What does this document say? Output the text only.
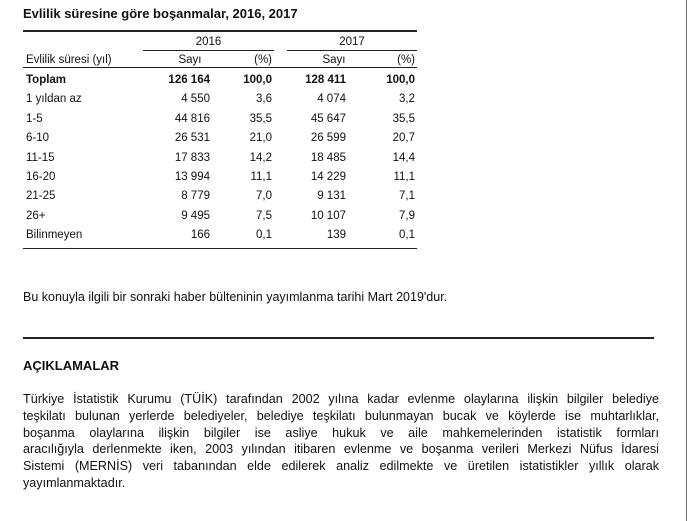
Evlilik süresine göre boşanmalar, 2016, 2017
2016	2017
Evlilik süresi (yıl)	Sayı	(%)	Sayı	(%)
Toplam	126 164	100,0	128 411	100,0
1 yıldan az	4 550	3,6	4 074	3,2
1-5	44 816	35,5	45 647	35,5
6-10	26 531	21,0	26 599	20,7
11-15	17 833	14,2	18 485	14,4
16-20	13 994	11,1	14 229	11,1
21-25	8 779	7,0	9 131	7,1
26+	9 495	7,5	10 107	7,9
Bilinmeyen	166	0,1	139	0,1
Bu konuyla ilgili bir sonraki haber bülteninin yayımlanma tarihi Mart 2019'dur.
AÇIKLAMALAR
Türkiye İstatistik Kurumu (TÜİK) tarafından 2002 yılına kadar evlenme olaylarına ilişkin bilgiler belediye
teşkilatı bulunan yerlerde belediyeler, belediye teşkilatı bulunmayan bucak ve köylerde ise muhtarlıklar,
boşanma olaylarına ilişkin bilgiler ise asliye hukuk ve aile mahkemelerinden istatistik formları
aracılığıyla derlenmekte iken, 2003 yılından itibaren evlenme ve boşanma verileri Merkezi Nüfus İdaresi
Sistemi (MERNİS) veri tabanından elde edilerek analiz edilmekte ve üretilen istatistikler yıllık olarak
yayımlanmaktadır.
